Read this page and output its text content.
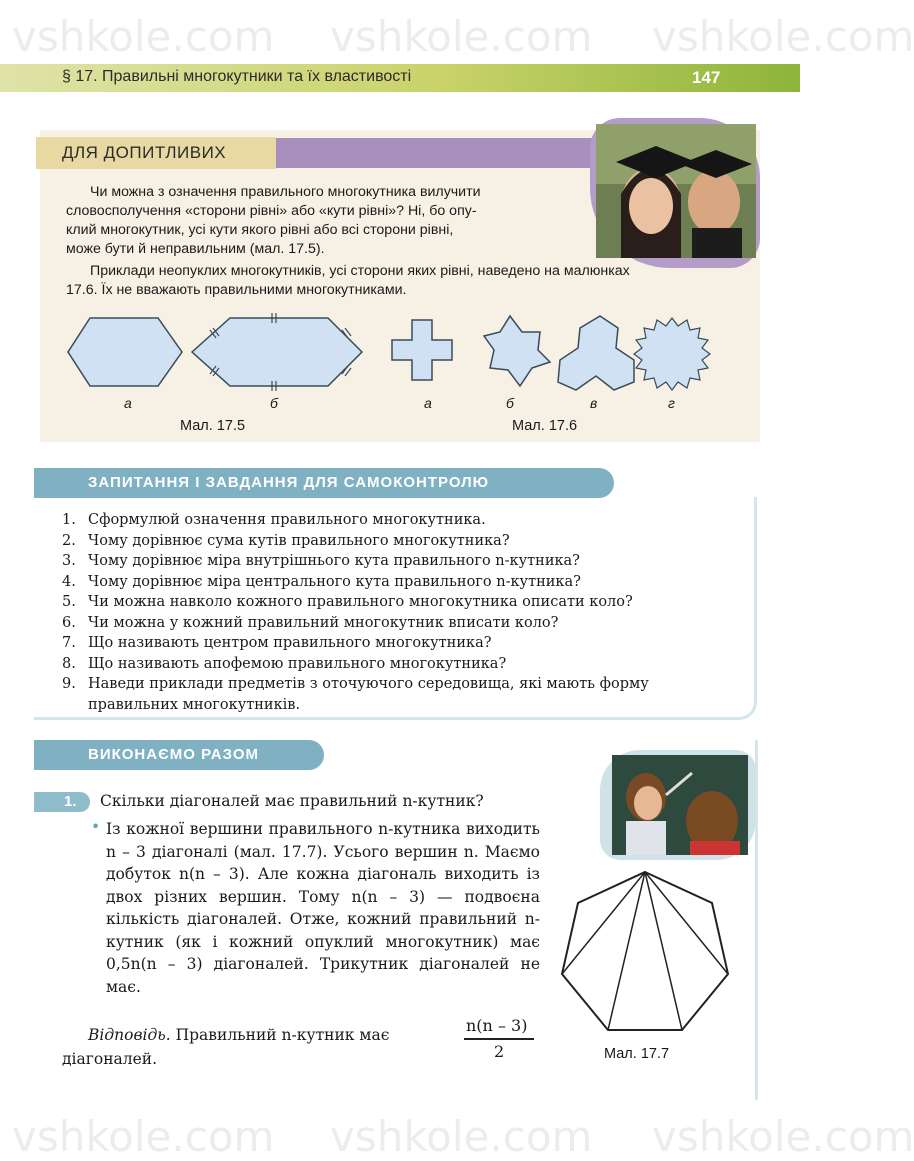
vshkole.com vshkole.com vshkole.com
§ 17. Правильні многокутники та їх властивості	147
ДЛЯ ДОПИТЛИВИХ
Чи можна з означення правильного многокутника вилучити
словосполучення «сторони рівні» або «кути рівні»? Ні, бо опу-
клий многокутник, усі кути якого рівні або всі сторони рівні,
може бути й неправильним (мал. 17.5).
Приклади неопуклих многокутників, усі сторони яких рівні, наведено на малюнках
17.6. Їх не вважають правильними многокутниками.
а	б	а	б	в	г
Мал. 17.5	Мал. 17.6
ЗАПИТАННЯ І ЗАВДАННЯ ДЛЯ САМОКОНТРОЛЮ
1. Сформулюй означення правильного многокутника.
2. Чому дорівнює сума кутів правильного многокутника?
3. Чому дорівнює міра внутрішнього кута правильного n-кутника?
4. Чому дорівнює міра центрального кута правильного n-кутника?
5. Чи можна навколо кожного правильного многокутника описати коло?
6. Чи можна у кожний правильний многокутник вписати коло?
7. Що називають центром правильного многокутника?
8. Що називають апофемою правильного многокутника?
9. Наведи приклади предметів з оточуючого середовища, які мають форму
правильних многокутників.
ВИКОНАЄМО РАЗОМ
1. Скільки діагоналей має правильний n-кутник?
• Із кожної вершини правильного n-кутника виходить n – 3 діагоналі (мал. 17.7). Усього вершин n. Маємо добуток n(n – 3). Але кожна діагональ виходить із двох різних вершин. Тому n(n – 3) — подвоєна кількість діагоналей. Отже, кожний правильний n-кутник (як і кожний опуклий многокутник) має 0,5n(n – 3) діагоналей. Трикутник діагоналей не має.
Мал. 17.7
Відповідь. Правильний n-кутник має	n(n – 3)
2
діагоналей.
vshkole.com vshkole.com vshkole.com
